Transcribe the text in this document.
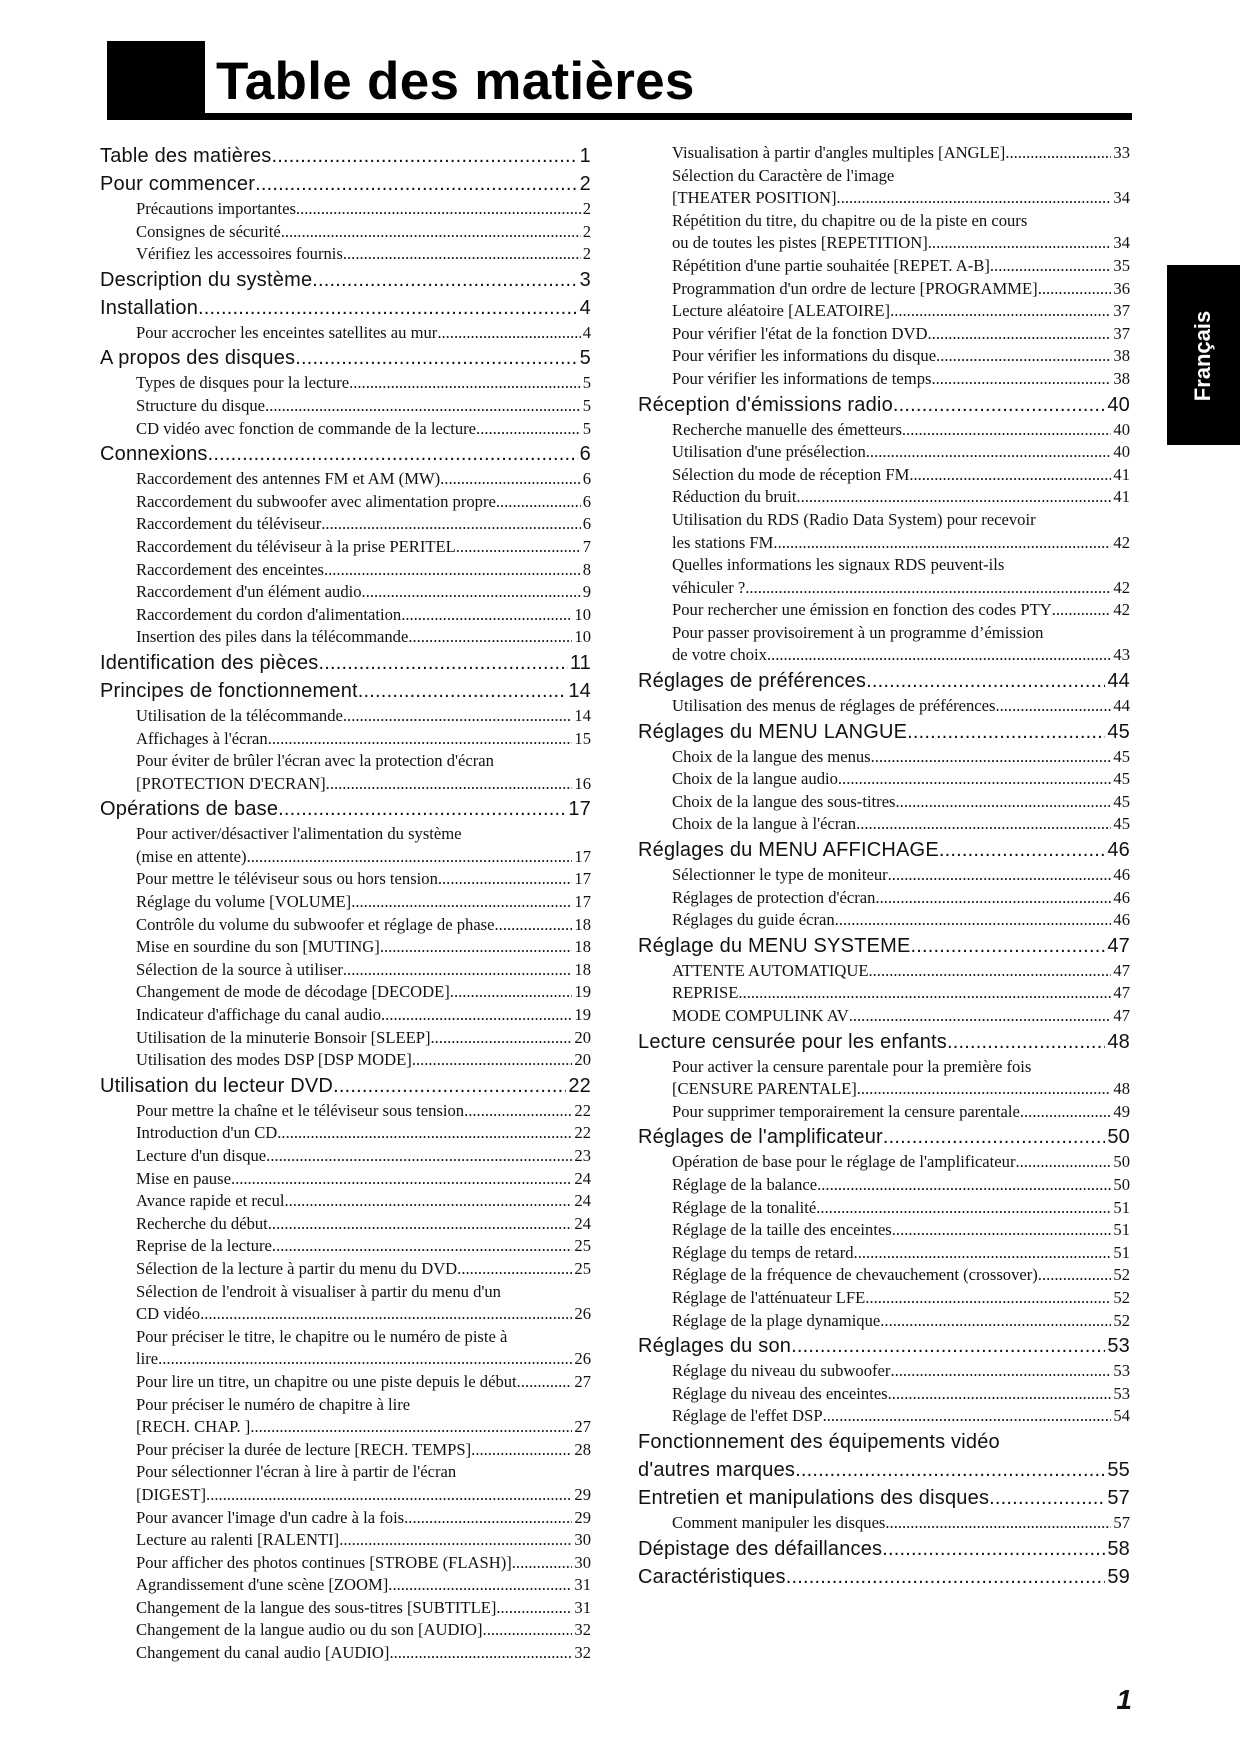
Table des matières
Français
Table des matières .....	1
Pour commencer .....	2
Précautions importantes .....	2
Consignes de sécurité .....	2
Vérifiez les accessoires fournis .....	2
Description du système .....	3
Installation .....	4
Pour accrocher les enceintes satellites au mur .....	4
A propos des disques .....	5
Types de disques pour la lecture .....	5
Structure du disque .....	5
CD vidéo avec fonction de commande de la lecture .....	5
Connexions .....	6
Raccordement des antennes FM et AM (MW) .....	6
Raccordement du subwoofer avec alimentation propre .....	6
Raccordement du téléviseur .....	6
Raccordement du téléviseur à la prise PERITEL .....	7
Raccordement des enceintes .....	8
Raccordement d'un élément audio .....	9
Raccordement du cordon d'alimentation .....	10
Insertion des piles dans la télécommande .....	10
Identification des pièces .....	11
Principes de fonctionnement .....	14
Utilisation de la télécommande .....	14
Affichages à l'écran .....	15
Pour éviter de brûler l'écran avec la protection d'écran
[PROTECTION D'ECRAN] .....	16
Opérations de base .....	17
Pour activer/désactiver l'alimentation du système
(mise en attente) .....	17
Pour mettre le téléviseur sous ou hors tension .....	17
Réglage du volume [VOLUME] .....	17
Contrôle du volume du subwoofer et réglage de phase .....	18
Mise en sourdine du son [MUTING] .....	18
Sélection de la source à utiliser .....	18
Changement de mode de décodage [DECODE] .....	19
Indicateur d'affichage du canal audio .....	19
Utilisation de la minuterie Bonsoir [SLEEP] .....	20
Utilisation des modes DSP [DSP MODE] .....	20
Utilisation du lecteur DVD .....	22
Pour mettre la chaîne et le téléviseur sous tension .....	22
Introduction d'un CD .....	22
Lecture d'un disque .....	23
Mise en pause .....	24
Avance rapide et recul .....	24
Recherche du début .....	24
Reprise de la lecture .....	25
Sélection de la lecture à partir du menu du DVD .....	25
Sélection de l'endroit à visualiser à partir du menu d'un
CD vidéo .....	26
Pour préciser le titre, le chapitre ou le numéro de piste à
lire .....	26
Pour lire un titre, un chapitre ou une piste depuis le début. .....	27
Pour préciser le numéro de chapitre à lire
[RECH. CHAP. ] .....	27
Pour préciser la durée de lecture [RECH. TEMPS] .....	28
Pour sélectionner l'écran à lire à partir de l'écran
[DIGEST] .....	29
Pour avancer l'image d'un cadre à la fois .....	29
Lecture au ralenti [RALENTI] .....	30
Pour afficher des photos continues [STROBE (FLASH)] .....	30
Agrandissement d'une scène [ZOOM] .....	31
Changement de la langue des sous-titres [SUBTITLE] .....	31
Changement de la langue audio ou du son [AUDIO] .....	32
Changement du canal audio [AUDIO] .....	32
Visualisation à partir d'angles multiples [ANGLE] .....	33
Sélection du Caractère de l'image
[THEATER POSITION] .....	34
Répétition du titre, du chapitre ou de la piste en cours
ou de toutes les pistes [REPETITION] .....	34
Répétition d'une partie souhaitée [REPET. A-B] .....	35
Programmation d'un ordre de lecture [PROGRAMME] .....	36
Lecture aléatoire [ALEATOIRE] .....	37
Pour vérifier l'état de la fonction DVD .....	37
Pour vérifier les informations du disque .....	38
Pour vérifier les informations de temps .....	38
Réception d'émissions radio .....	40
Recherche manuelle des émetteurs .....	40
Utilisation d'une présélection .....	40
Sélection du mode de réception FM .....	41
Réduction du bruit .....	41
Utilisation du RDS (Radio Data System) pour recevoir
les stations FM .....	42
Quelles informations les signaux RDS peuvent-ils
véhiculer ? .....	42
Pour rechercher une émission en fonction des codes PTY .....	42
Pour passer provisoirement à un programme d’émission
de votre choix .....	43
Réglages de préférences .....	44
Utilisation des menus de réglages de préférences .....	44
Réglages du MENU LANGUE .....	45
Choix de la langue des menus .....	45
Choix de la langue audio .....	45
Choix de la langue des sous-titres .....	45
Choix de la langue à l'écran .....	45
Réglages du MENU AFFICHAGE .....	46
Sélectionner le type de moniteur .....	46
Réglages de protection d'écran .....	46
Réglages du guide écran .....	46
Réglage du MENU SYSTEME .....	47
ATTENTE AUTOMATIQUE .....	47
REPRISE .....	47
MODE COMPULINK AV .....	47
Lecture censurée pour les enfants .....	48
Pour activer la censure parentale pour la première fois
[CENSURE PARENTALE] .....	48
Pour supprimer temporairement la censure parentale .....	49
Réglages de l'amplificateur .....	50
Opération de base pour le réglage de l'amplificateur .....	50
Réglage de la balance .....	50
Réglage de la tonalité .....	51
Réglage de la taille des enceintes .....	51
Réglage du temps de retard .....	51
Réglage de la fréquence de chevauchement (crossover) .....	52
Réglage de l'atténuateur LFE .....	52
Réglage de la plage dynamique .....	52
Réglages du son .....	53
Réglage du niveau du subwoofer .....	53
Réglage du niveau des enceintes .....	53
Réglage de l'effet DSP .....	54
Fonctionnement des équipements vidéo
d'autres marques .....	55
Entretien et manipulations des disques .....	57
Comment manipuler les disques .....	57
Dépistage des défaillances .....	58
Caractéristiques .....	59
1
